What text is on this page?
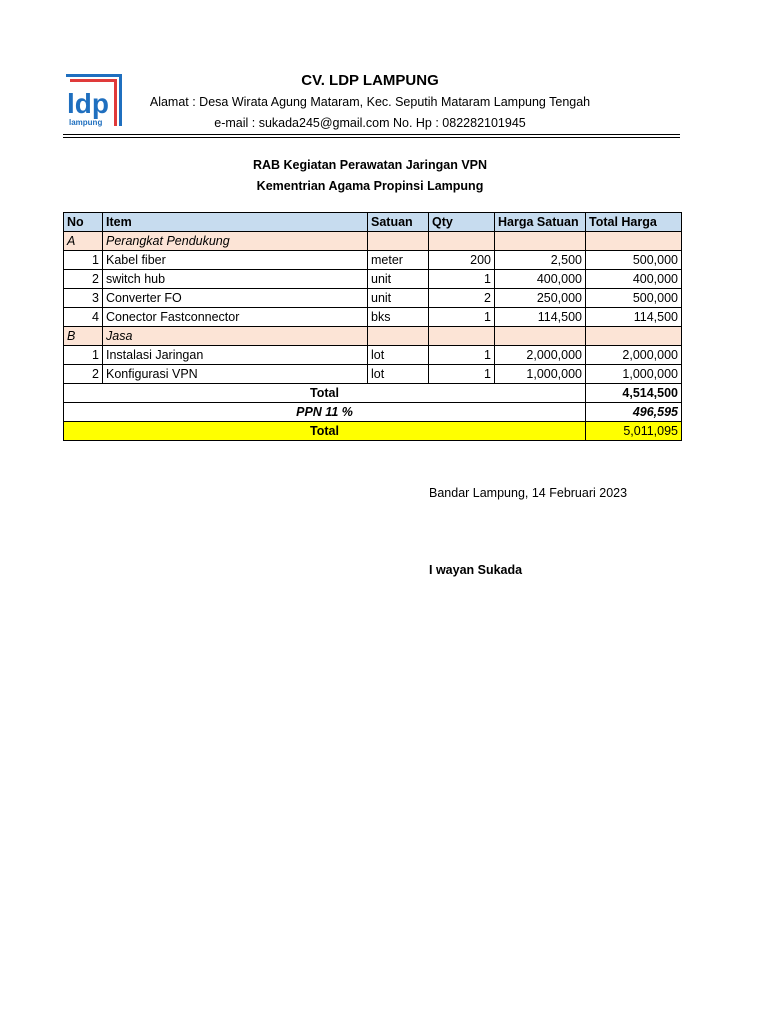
ldp
lampung
CV. LDP LAMPUNG
Alamat : Desa Wirata Agung Mataram, Kec. Seputih Mataram Lampung Tengah
e-mail : sukada245@gmail.com No. Hp : 082282101945
RAB Kegiatan Perawatan Jaringan VPN
Kementrian Agama Propinsi Lampung
No	Item	Satuan	Qty	Harga Satuan	Total Harga
A	Perangkat Pendukung				
1	Kabel fiber	meter	200	2,500	500,000
2	switch hub	unit	1	400,000	400,000
3	Converter FO	unit	2	250,000	500,000
4	Conector Fastconnector	bks	1	114,500	114,500
B	Jasa				
1	Instalasi Jaringan	lot	1	2,000,000	2,000,000
2	Konfigurasi VPN	lot	1	1,000,000	1,000,000
Total					4,514,500
PPN 11 %					496,595
Total					5,011,095
Bandar Lampung, 14 Februari 2023
I wayan Sukada
